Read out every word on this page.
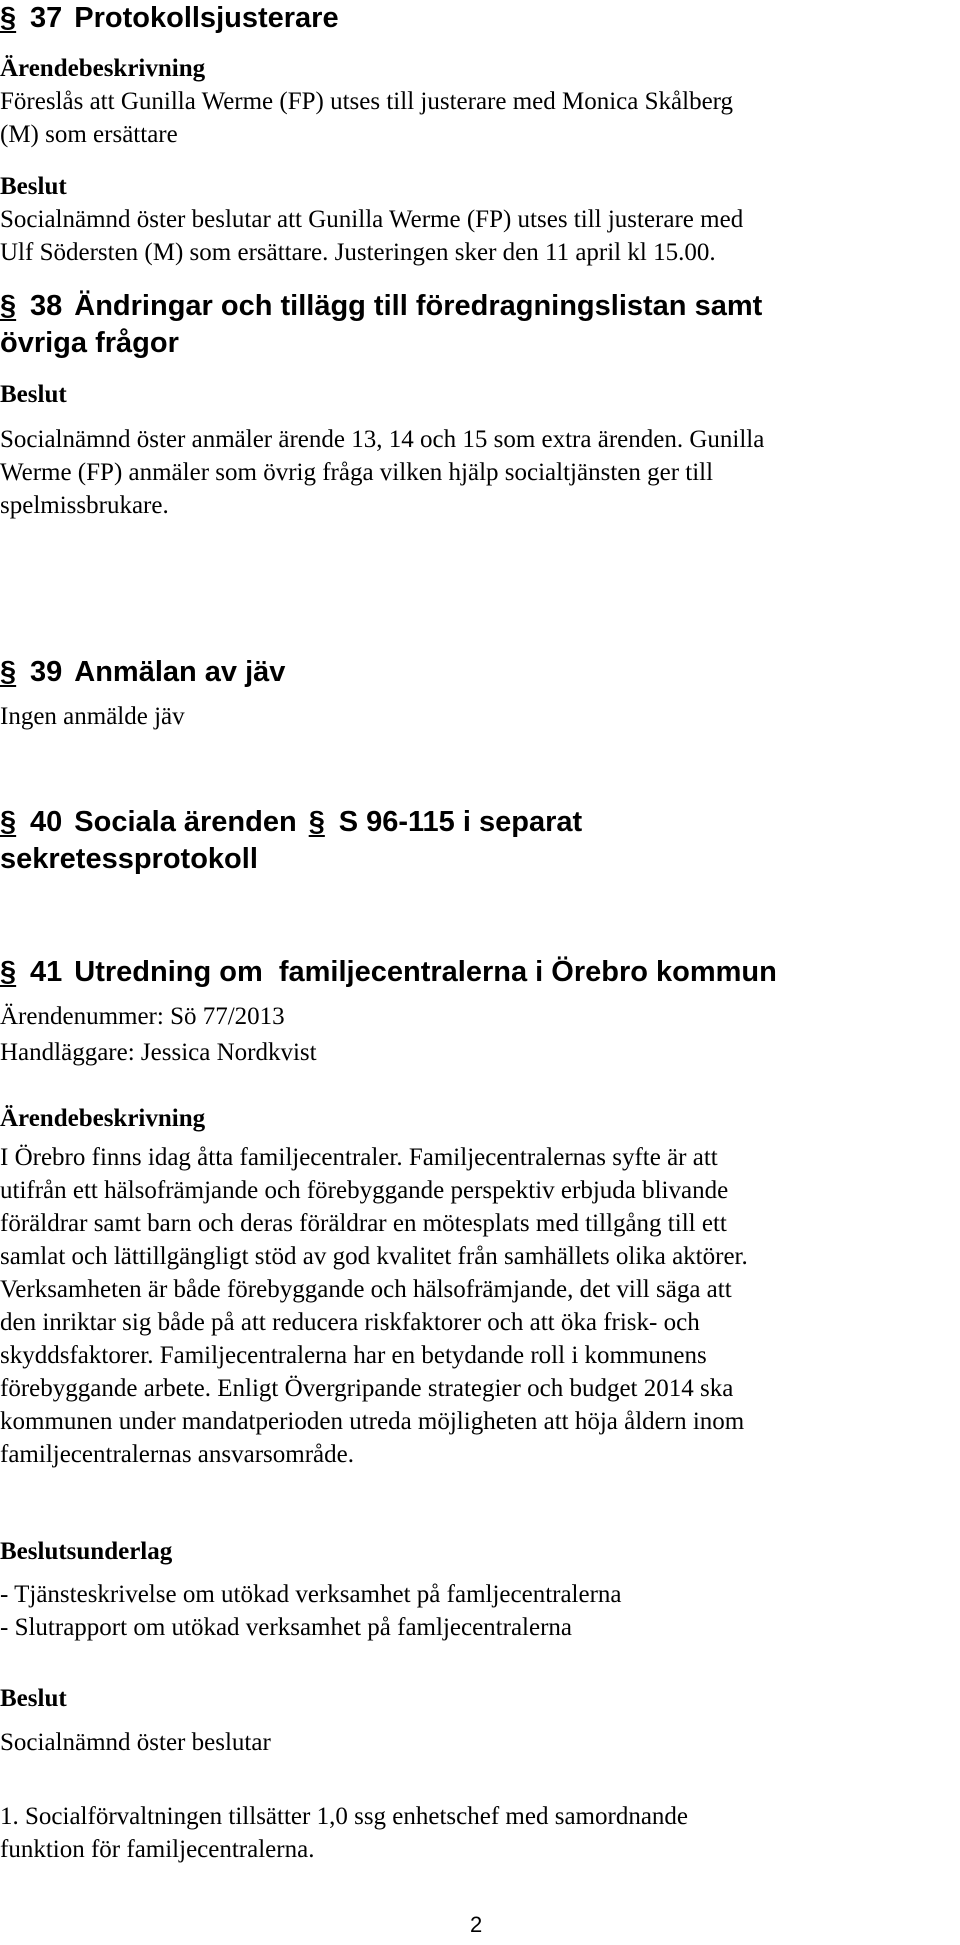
§ 37 Protokollsjusterare
Ärendebeskrivning
Föreslås att Gunilla Werme (FP) utses till justerare med Monica Skålberg
(M) som ersättare
Beslut
Socialnämnd öster beslutar att Gunilla Werme (FP) utses till justerare med
Ulf Södersten (M) som ersättare. Justeringen sker den 11 april kl 15.00.
§ 38 Ändringar och tillägg till föredragningslistan samt
övriga frågor
Beslut
Socialnämnd öster anmäler ärende 13, 14 och 15 som extra ärenden. Gunilla
Werme (FP) anmäler som övrig fråga vilken hjälp socialtjänsten ger till
spelmissbrukare.
§ 39 Anmälan av jäv
Ingen anmälde jäv
§ 40 Sociala ärenden § S 96-115 i separat
sekretessprotokoll
§ 41 Utredning om  familjecentralerna i Örebro kommun
Ärendenummer: Sö 77/2013
Handläggare: Jessica Nordkvist
Ärendebeskrivning
I Örebro finns idag åtta familjecentraler. Familjecentralernas syfte är att
utifrån ett hälsofrämjande och förebyggande perspektiv erbjuda blivande
föräldrar samt barn och deras föräldrar en mötesplats med tillgång till ett
samlat och lättillgängligt stöd av god kvalitet från samhällets olika aktörer.
Verksamheten är både förebyggande och hälsofrämjande, det vill säga att
den inriktar sig både på att reducera riskfaktorer och att öka frisk- och
skyddsfaktorer. Familjecentralerna har en betydande roll i kommunens
förebyggande arbete. Enligt Övergripande strategier och budget 2014 ska
kommunen under mandatperioden utreda möjligheten att höja åldern inom
familjecentralernas ansvarsområde.
Beslutsunderlag
- Tjänsteskrivelse om utökad verksamhet på famljecentralerna
- Slutrapport om utökad verksamhet på famljecentralerna
Beslut
Socialnämnd öster beslutar
1. Socialförvaltningen tillsätter 1,0 ssg enhetschef med samordnande
funktion för familjecentralerna.
2
